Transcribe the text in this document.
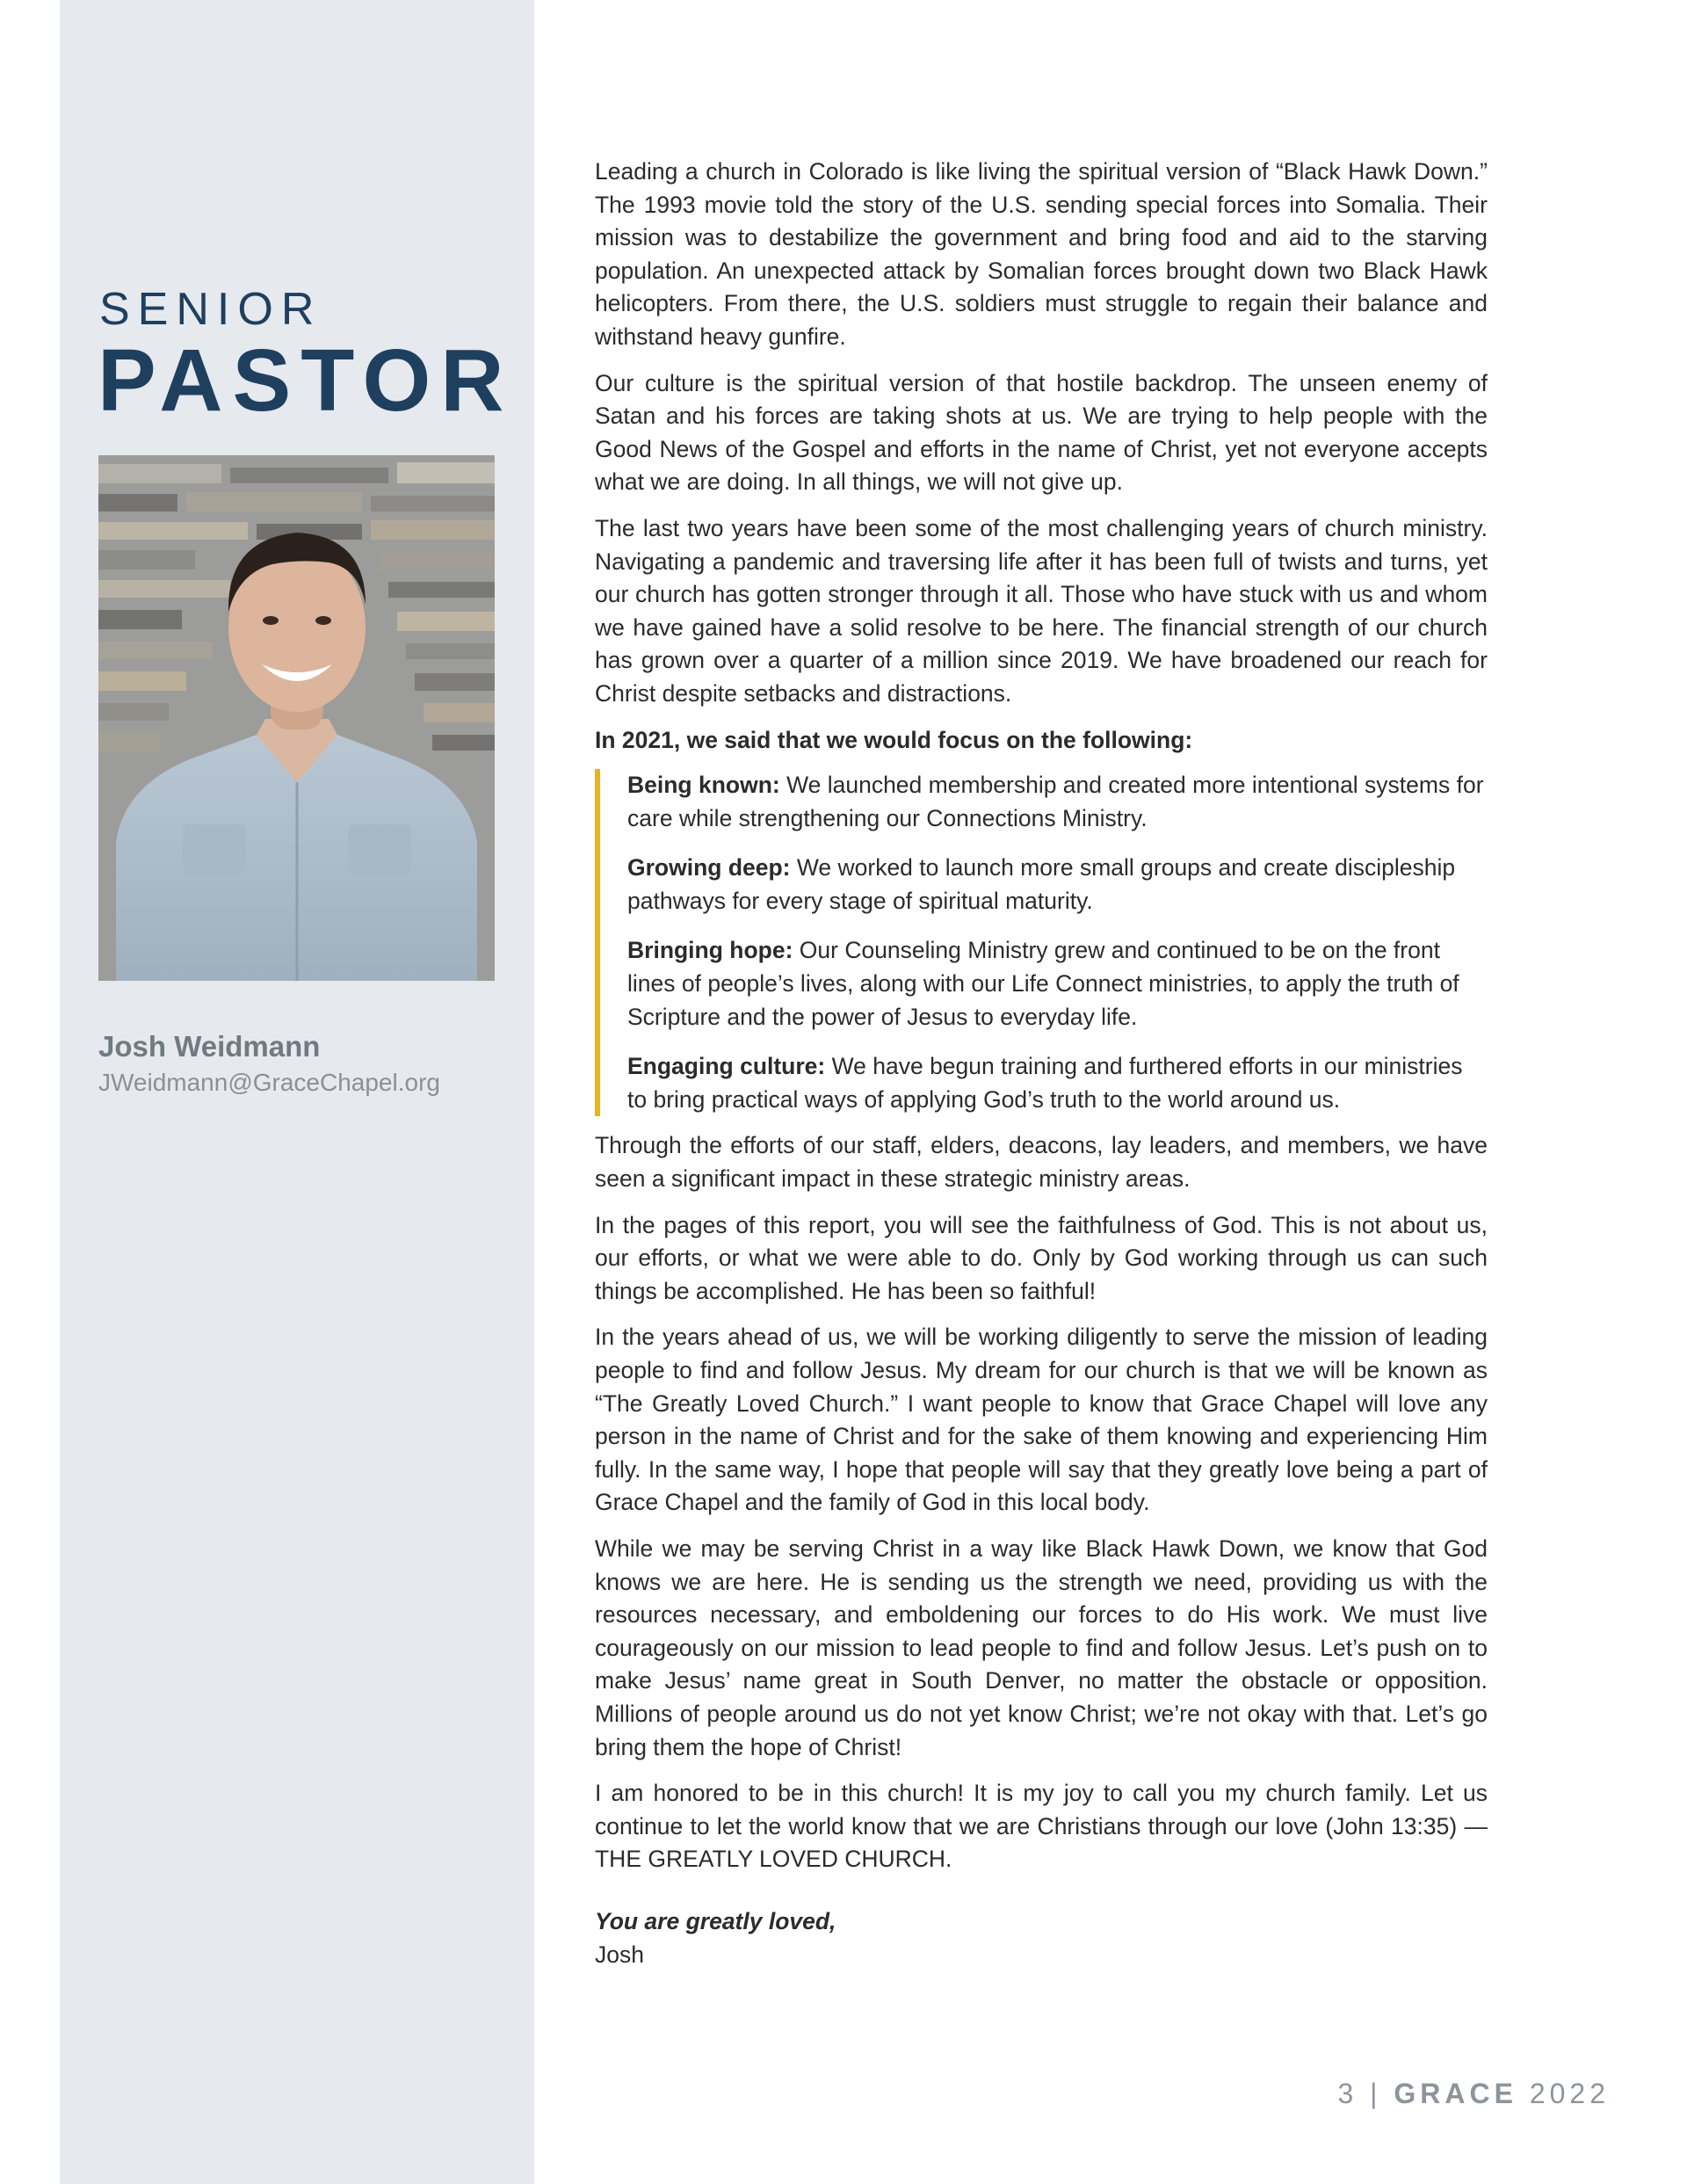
SENIOR
PASTOR
Josh Weidmann
JWeidmann@GraceChapel.org

Leading a church in Colorado is like living the spiritual version of “Black Hawk Down.” The 1993 movie told the story of the U.S. sending special forces into Somalia. Their mission was to destabilize the government and bring food and aid to the starving population. An unexpected attack by Somalian forces brought down two Black Hawk helicopters. From there, the U.S. soldiers must struggle to regain their balance and withstand heavy gunfire.

Our culture is the spiritual version of that hostile backdrop. The unseen enemy of Satan and his forces are taking shots at us. We are trying to help people with the Good News of the Gospel and efforts in the name of Christ, yet not everyone accepts what we are doing. In all things, we will not give up.

The last two years have been some of the most challenging years of church ministry. Navigating a pandemic and traversing life after it has been full of twists and turns, yet our church has gotten stronger through it all. Those who have stuck with us and whom we have gained have a solid resolve to be here. The financial strength of our church has grown over a quarter of a million since 2019. We have broadened our reach for Christ despite setbacks and distractions.

In 2021, we said that we would focus on the following:

Being known: We launched membership and created more intentional systems for care while strengthening our Connections Ministry.
Growing deep: We worked to launch more small groups and create discipleship pathways for every stage of spiritual maturity.
Bringing hope: Our Counseling Ministry grew and continued to be on the front lines of people’s lives, along with our Life Connect ministries, to apply the truth of Scripture and the power of Jesus to everyday life.
Engaging culture: We have begun training and furthered efforts in our ministries to bring practical ways of applying God’s truth to the world around us.

Through the efforts of our staff, elders, deacons, lay leaders, and members, we have seen a significant impact in these strategic ministry areas.

In the pages of this report, you will see the faithfulness of God. This is not about us, our efforts, or what we were able to do. Only by God working through us can such things be accomplished. He has been so faithful!

In the years ahead of us, we will be working diligently to serve the mission of leading people to find and follow Jesus. My dream for our church is that we will be known as “The Greatly Loved Church.” I want people to know that Grace Chapel will love any person in the name of Christ and for the sake of them knowing and experiencing Him fully. In the same way, I hope that people will say that they greatly love being a part of Grace Chapel and the family of God in this local body.

While we may be serving Christ in a way like Black Hawk Down, we know that God knows we are here. He is sending us the strength we need, providing us with the resources necessary, and emboldening our forces to do His work. We must live courageously on our mission to lead people to find and follow Jesus. Let’s push on to make Jesus’ name great in South Denver, no matter the obstacle or opposition. Millions of people around us do not yet know Christ; we’re not okay with that. Let’s go bring them the hope of Christ!

I am honored to be in this church! It is my joy to call you my church family. Let us continue to let the world know that we are Christians through our love (John 13:35) — THE GREATLY LOVED CHURCH.

You are greatly loved,
Josh
3 | GRACE 2022
